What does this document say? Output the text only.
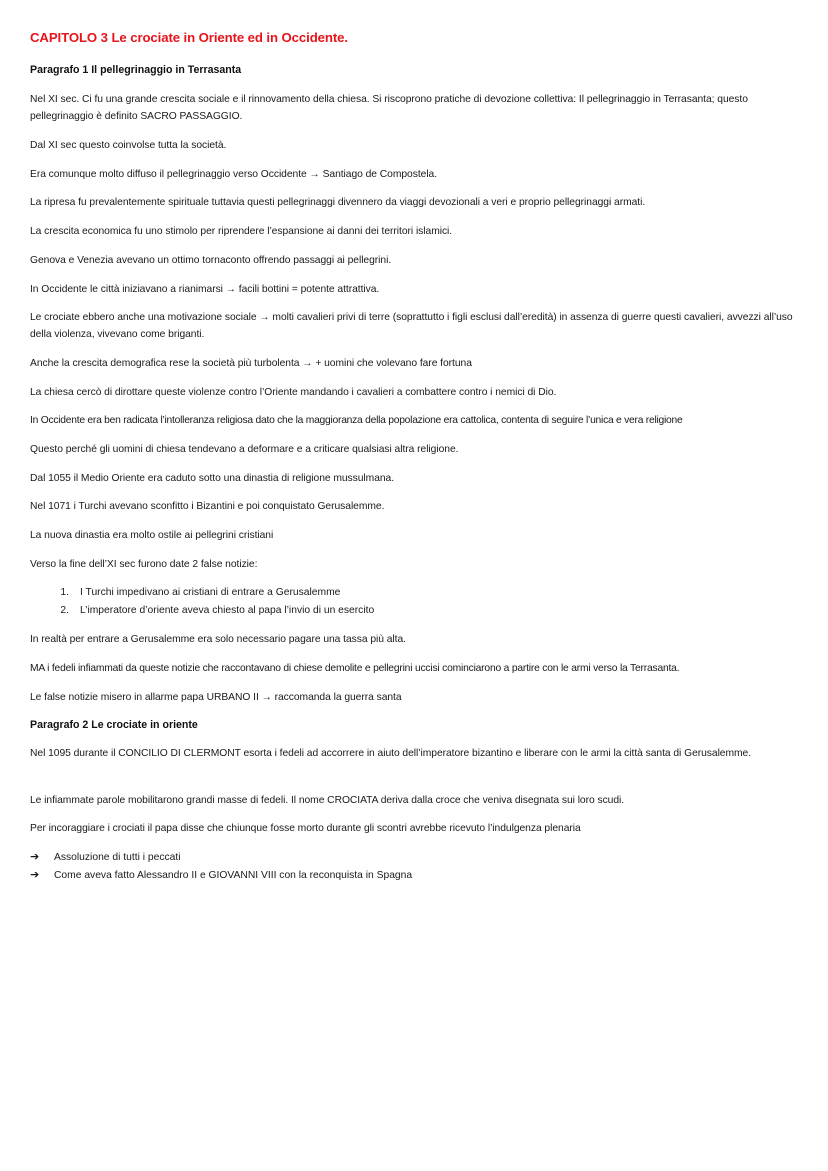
CAPITOLO 3 Le crociate in Oriente ed in Occidente.
Paragrafo 1 Il pellegrinaggio in Terrasanta
Nel XI sec. Ci fu una grande crescita sociale e il rinnovamento della chiesa. Si riscoprono pratiche di devozione collettiva: Il pellegrinaggio in Terrasanta; questo pellegrinaggio è definito SACRO PASSAGGIO.
Dal XI sec questo coinvolse tutta la società.
Era comunque molto diffuso il pellegrinaggio verso Occidente → Santiago de Compostela.
La ripresa fu prevalentemente spirituale tuttavia questi pellegrinaggi divennero da viaggi devozionali a veri e proprio pellegrinaggi armati.
La crescita economica fu uno stimolo per riprendere l’espansione ai danni dei territori islamici.
Genova e Venezia avevano un ottimo tornaconto offrendo passaggi ai pellegrini.
In Occidente le città iniziavano a rianimarsi → facili bottini = potente attrattiva.
Le crociate ebbero anche una motivazione sociale → molti cavalieri privi di terre (soprattutto i figli esclusi dall’eredità) in assenza di guerre questi cavalieri, avvezzi all’uso della violenza, vivevano come briganti.
Anche la crescita demografica rese la società più turbolenta → + uomini che volevano fare fortuna
La chiesa cercò di dirottare queste violenze contro l’Oriente mandando i cavalieri a combattere contro i nemici di Dio.
In Occidente era ben radicata l’intolleranza religiosa dato che la maggioranza della popolazione era cattolica, contenta di seguire l’unica e vera religione
Questo perché gli uomini di chiesa tendevano a deformare e a criticare qualsiasi altra religione.
Dal 1055 il Medio Oriente era caduto sotto una dinastia di religione mussulmana.
Nel 1071 i Turchi avevano sconfitto i Bizantini e poi conquistato Gerusalemme.
La nuova dinastia era molto ostile ai pellegrini cristiani
Verso la fine dell’XI sec furono date 2 false notizie:
1. I Turchi impedivano ai cristiani di entrare a Gerusalemme
2. L’imperatore d’oriente aveva chiesto al papa l’invio di un esercito
In realtà per entrare a Gerusalemme era solo necessario pagare una tassa più alta.
MA i fedeli infiammati da queste notizie che raccontavano di chiese demolite e pellegrini uccisi cominciarono a partire con le armi verso la Terrasanta.
Le false notizie misero in allarme papa URBANO II → raccomanda la guerra santa
Paragrafo 2 Le crociate in oriente
Nel 1095 durante il CONCILIO DI CLERMONT esorta i fedeli ad accorrere in aiuto dell’imperatore bizantino e liberare con le armi la città santa di Gerusalemme.
Le infiammate parole mobilitarono grandi masse di fedeli. Il nome CROCIATA deriva dalla croce che veniva disegnata sui loro scudi.
Per incoraggiare i crociati il papa disse che chiunque fosse morto durante gli scontri avrebbe ricevuto l’indulgenza plenaria
➔ Assoluzione di tutti i peccati
➔ Come aveva fatto Alessandro II e GIOVANNI VIII con la reconquista in Spagna
